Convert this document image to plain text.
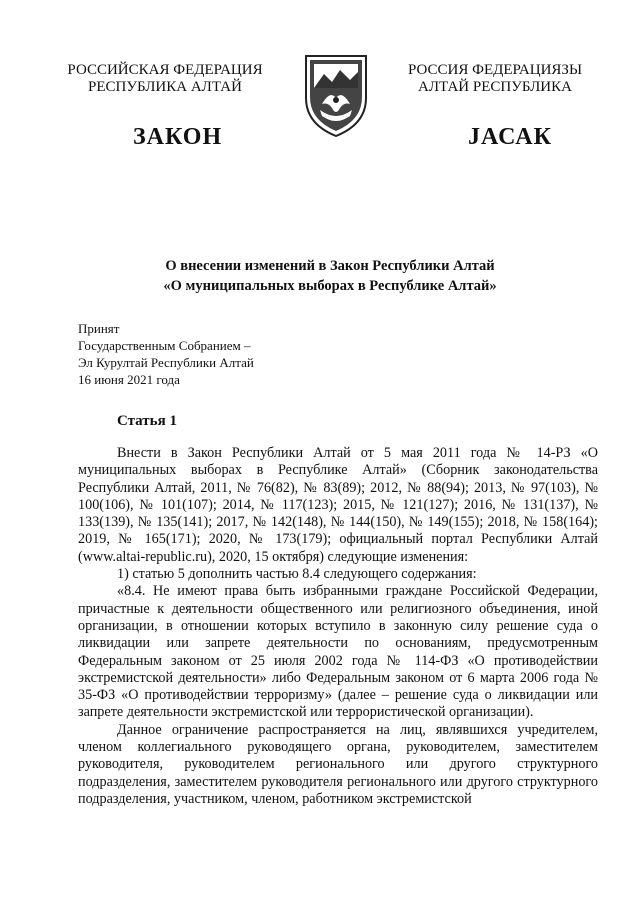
РОССИЙСКАЯ ФЕДЕРАЦИЯ
РЕСПУБЛИКА АЛТАЙ
РОССИЯ ФЕДЕРАЦИЯЗЫ
АЛТАЙ РЕСПУБЛИКА
ЗАКОН	JАСАК
О внесении изменений в Закон Республики Алтай
«О муниципальных выборах в Республике Алтай»
Принят
Государственным Собранием –
Эл Курултай Республики Алтай
16 июня 2021 года
Статья 1

Внести в Закон Республики Алтай от 5 мая 2011 года № 14-РЗ «О муниципальных выборах в Республике Алтай» (Сборник законодательства Республики Алтай, 2011, № 76(82), № 83(89); 2012, № 88(94); 2013, № 97(103), № 100(106), № 101(107); 2014, № 117(123); 2015, № 121(127); 2016, № 131(137), № 133(139), № 135(141); 2017, № 142(148), № 144(150), № 149(155); 2018, № 158(164); 2019, № 165(171); 2020, № 173(179); официальный портал Республики Алтай (www.altai-republic.ru), 2020, 15 октября) следующие изменения:

1) статью 5 дополнить частью 8.4 следующего содержания:

«8.4. Не имеют права быть избранными граждане Российской Федерации, причастные к деятельности общественного или религиозного объединения, иной организации, в отношении которых вступило в законную силу решение суда о ликвидации или запрете деятельности по основаниям, предусмотренным Федеральным законом от 25 июля 2002 года № 114-ФЗ «О противодействии экстремистской деятельности» либо Федеральным законом от 6 марта 2006 года № 35-ФЗ «О противодействии терроризму» (далее – решение суда о ликвидации или запрете деятельности экстремистской или террористической организации).

Данное ограничение распространяется на лиц, являвшихся учредителем, членом коллегиального руководящего органа, руководителем, заместителем руководителя, руководителем регионального или другого структурного подразделения, заместителем руководителя регионального или другого структурного подразделения, участником, членом, работником экстремистской
